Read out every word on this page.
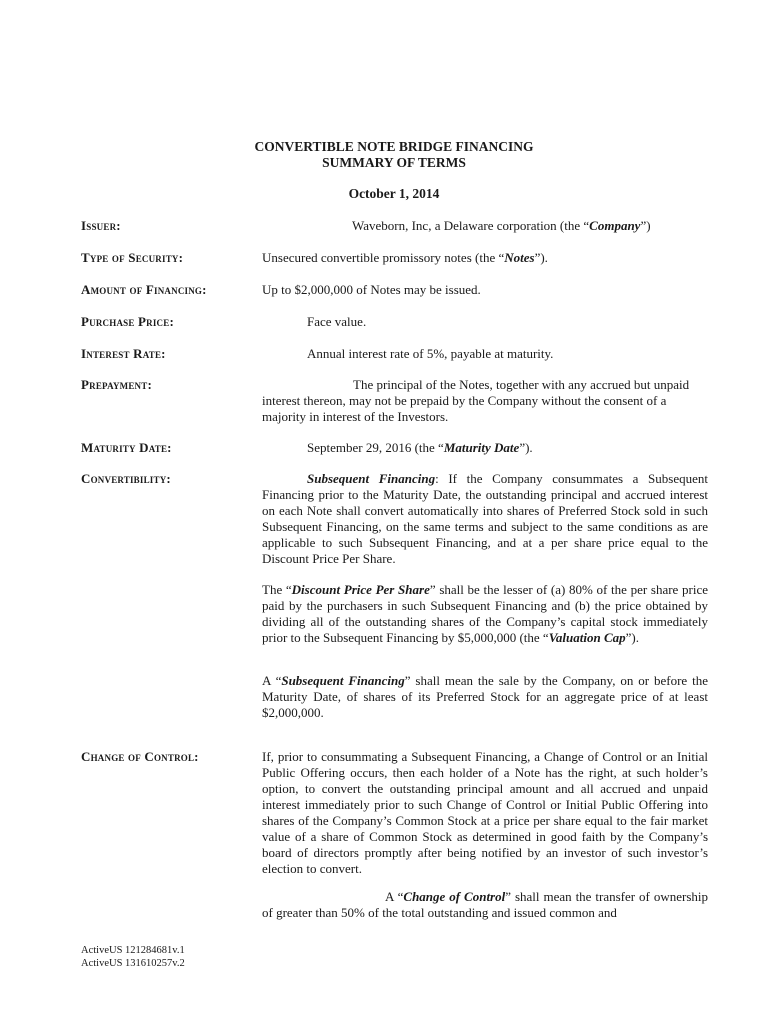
CONVERTIBLE NOTE BRIDGE FINANCING
SUMMARY OF TERMS
October 1, 2014
Issuer:	Waveborn, Inc, a Delaware corporation (the “Company”)
Type of Security:	Unsecured convertible promissory notes (the “Notes”).
Amount of Financing:	Up to $2,000,000 of Notes may be issued.
Purchase Price:	Face value.
Interest Rate:	Annual interest rate of 5%, payable at maturity.
Prepayment:	The principal of the Notes, together with any accrued but unpaid interest thereon, may not be prepaid by the Company without the consent of a majority in interest of the Investors.

Maturity Date:	September 29, 2016 (the “Maturity Date”).
Convertibility:	Subsequent Financing: If the Company consummates a Subsequent Financing prior to the Maturity Date, the outstanding principal and accrued interest on each Note shall convert automatically into shares of Preferred Stock sold in such Subsequent Financing, on the same terms and subject to the same conditions as are applicable to such Subsequent Financing, and at a per share price equal to the Discount Price Per Share.

The “Discount Price Per Share” shall be the lesser of (a) 80% of the per share price paid by the purchasers in such Subsequent Financing and (b) the price obtained by dividing all of the outstanding shares of the Company’s capital stock immediately prior to the Subsequent Financing by $5,000,000 (the “Valuation Cap”).

A “Subsequent Financing” shall mean the sale by the Company, on or before the Maturity Date, of shares of its Preferred Stock for an aggregate price of at least $2,000,000.

Change of Control:	If, prior to consummating a Subsequent Financing, a Change of Control or an Initial Public Offering occurs, then each holder of a Note has the right, at such holder’s option, to convert the outstanding principal amount and all accrued and unpaid interest immediately prior to such Change of Control or Initial Public Offering into shares of the Company’s Common Stock at a price per share equal to the fair market value of a share of Common Stock as determined in good faith by the Company’s board of directors promptly after being notified by an investor of such investor’s election to convert.

A “Change of Control” shall mean the transfer of ownership of greater than 50% of the total outstanding and issued common and

ActiveUS 121284681v.1
ActiveUS 131610257v.2
